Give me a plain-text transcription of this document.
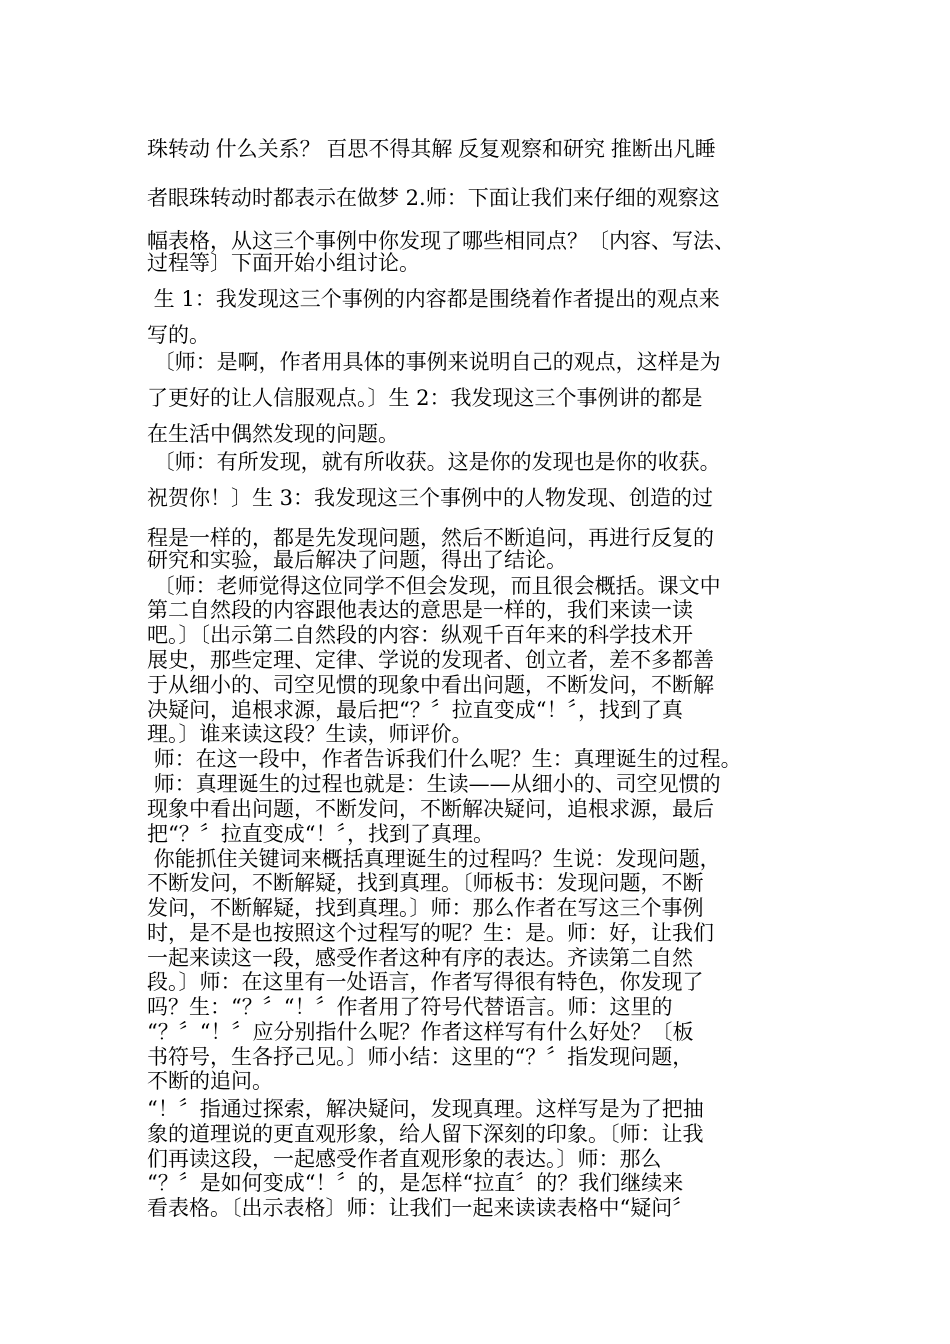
珠转动 什么关系？ 百思不得其解 反复观察和研究 推断出凡睡
者眼珠转动时都表示在做梦 2.师：下面让我们来仔细的观察这
幅表格，从这三个事例中你发现了哪些相同点？〔内容、写法、
过程等〕下面开始小组讨论。
生 1：我发现这三个事例的内容都是围绕着作者提出的观点来
写的。
〔师：是啊，作者用具体的事例来说明自己的观点，这样是为
了更好的让人信服观点。〕生 2：我发现这三个事例讲的都是
在生活中偶然发现的问题。
〔师：有所发现，就有所收获。这是你的发现也是你的收获。
祝贺你！〕生 3：我发现这三个事例中的人物发现、创造的过
程是一样的，都是先发现问题，然后不断追问，再进行反复的
研究和实验，最后解决了问题，得出了结论。
〔师：老师觉得这位同学不但会发现，而且很会概括。课文中
第二自然段的内容跟他表达的意思是一样的，我们来读一读
吧。〕〔出示第二自然段的内容：纵观千百年来的科学技术开
展史，那些定理、定律、学说的发现者、创立者，差不多都善
于从细小的、司空见惯的现象中看出问题，不断发问，不断解
决疑问，追根求源，最后把“？〞拉直变成“！〞，找到了真
理。〕谁来读这段？生读，师评价。
师：在这一段中，作者告诉我们什么呢？生：真理诞生的过程。
师：真理诞生的过程也就是：生读——从细小的、司空见惯的
现象中看出问题，不断发问，不断解决疑问，追根求源，最后
把“？〞拉直变成“！〞，找到了真理。
你能抓住关键词来概括真理诞生的过程吗？生说：发现问题，
不断发问，不断解疑，找到真理。〔师板书：发现问题，不断
发问，不断解疑，找到真理。〕师：那么作者在写这三个事例
时，是不是也按照这个过程写的呢？生：是。师：好，让我们
一起来读这一段，感受作者这种有序的表达。齐读第二自然
段。〕师：在这里有一处语言，作者写得很有特色，你发现了
吗？生：“？〞“！〞作者用了符号代替语言。师：这里的
“？〞“！〞应分别指什么呢？作者这样写有什么好处？〔板
书符号，生各抒己见。〕师小结：这里的“？〞指发现问题，
不断的追问。
“！〞指通过探索，解决疑问，发现真理。这样写是为了把抽
象的道理说的更直观形象，给人留下深刻的印象。〔师：让我
们再读这段，一起感受作者直观形象的表达。〕师：那么
“？〞是如何变成“！〞的，是怎样“拉直〞的？我们继续来
看表格。〔出示表格〕师：让我们一起来读读表格中“疑问〞
